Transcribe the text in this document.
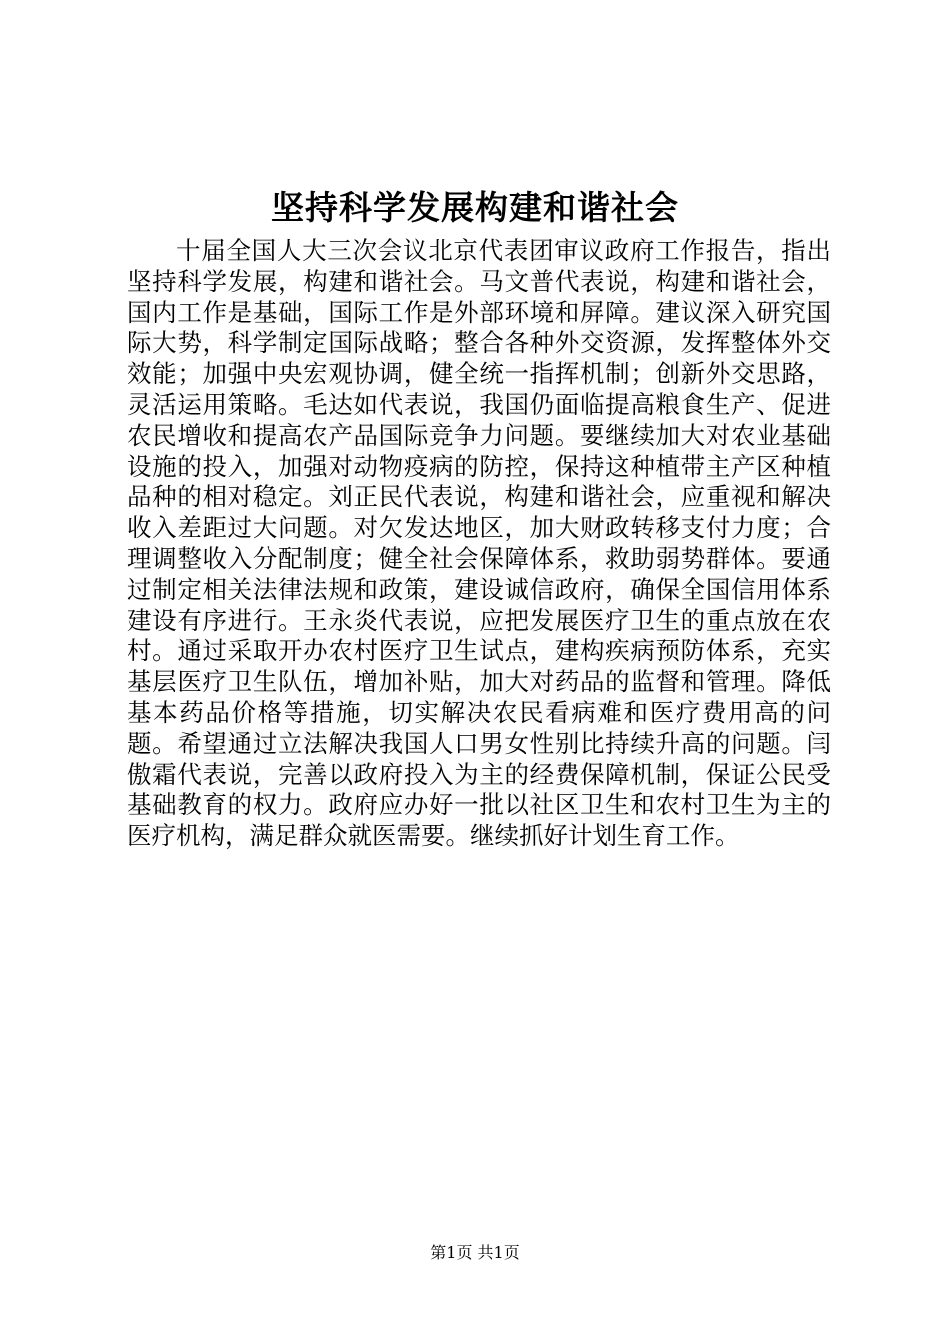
坚持科学发展构建和谐社会

十届全国人大三次会议北京代表团审议政府工作报告，指出坚持科学发展，构建和谐社会。马文普代表说，构建和谐社会，国内工作是基础，国际工作是外部环境和屏障。建议深入研究国际大势，科学制定国际战略；整合各种外交资源，发挥整体外交效能；加强中央宏观协调，健全统一指挥机制；创新外交思路，灵活运用策略。毛达如代表说，我国仍面临提高粮食生产、促进农民增收和提高农产品国际竞争力问题。要继续加大对农业基础设施的投入，加强对动物疫病的防控，保持这种植带主产区种植品种的相对稳定。刘正民代表说，构建和谐社会，应重视和解决收入差距过大问题。对欠发达地区，加大财政转移支付力度；合理调整收入分配制度；健全社会保障体系，救助弱势群体。要通过制定相关法律法规和政策，建设诚信政府，确保全国信用体系建设有序进行。王永炎代表说，应把发展医疗卫生的重点放在农村。通过采取开办农村医疗卫生试点，建构疾病预防体系，充实基层医疗卫生队伍，增加补贴，加大对药品的监督和管理。降低基本药品价格等措施，切实解决农民看病难和医疗费用高的问题。希望通过立法解决我国人口男女性别比持续升高的问题。闫傲霜代表说，完善以政府投入为主的经费保障机制，保证公民受基础教育的权力。政府应办好一批以社区卫生和农村卫生为主的医疗机构，满足群众就医需要。继续抓好计划生育工作。

第1页 共1页
